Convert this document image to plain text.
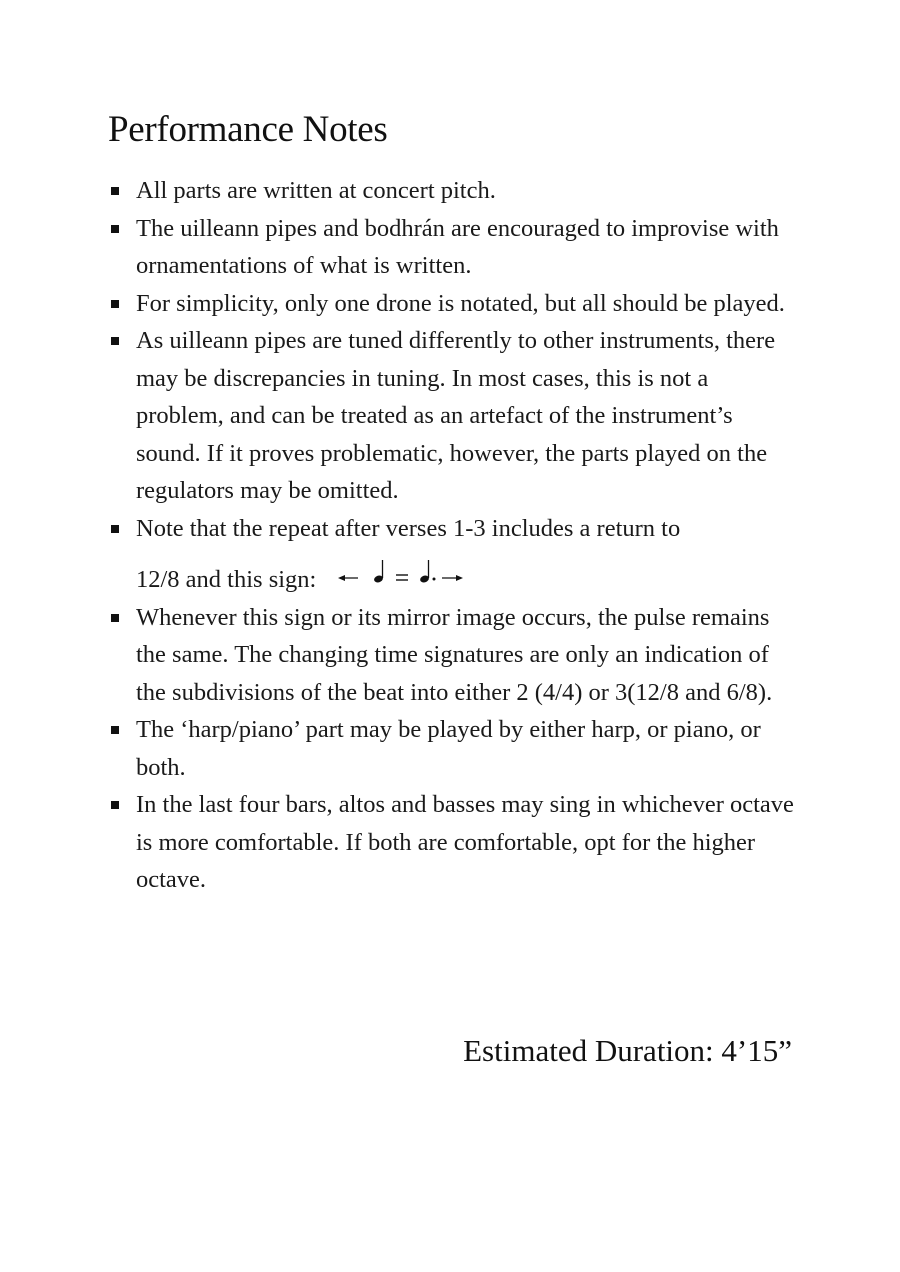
Performance Notes
All parts are written at concert pitch.
The uilleann pipes and bodhrán are encouraged to improvise with ornamentations of what is written.
For simplicity, only one drone is notated, but all should be played.
As uilleann pipes are tuned differently to other instruments, there may be discrepancies in tuning. In most cases, this is not a problem, and can be treated as an artefact of the instrument’s sound. If it proves problematic, however, the parts played on the regulators may be omitted.
Note that the repeat after verses 1-3 includes a return to
12/8 and this sign:
Whenever this sign or its mirror image occurs, the pulse remains the same. The changing time signatures are only an indication of the subdivisions of the beat into either 2 (4/4) or 3(12/8 and 6/8).
The ‘harp/piano’ part may be played by either harp, or piano, or both.
In the last four bars, altos and basses may sing in whichever octave is more comfortable. If both are comfortable, opt for the higher octave.
Estimated Duration: 4’15”
